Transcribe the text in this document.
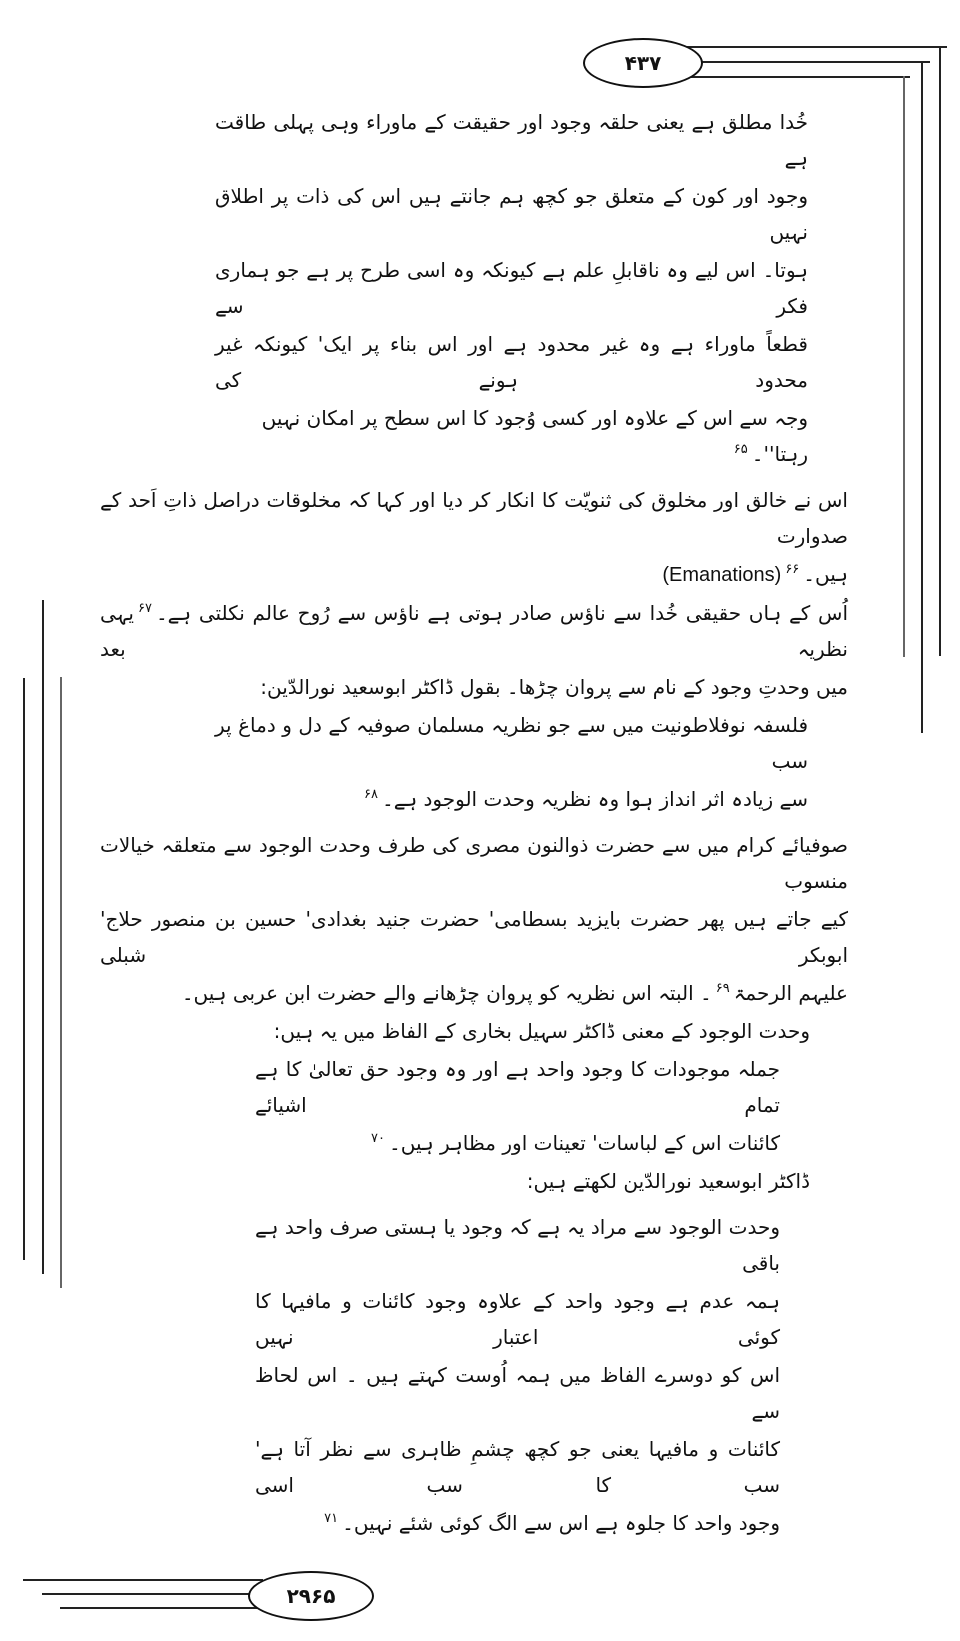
۴۳۷
خُدا مطلق ہے یعنی حلقہ وجود اور حقیقت کے ماوراء وہی پہلی طاقت ہے
وجود اور کون کے متعلق جو کچھ ہم جانتے ہیں اس کی ذات پر اطلاق نہیں
ہوتا۔ اس لیے وہ ناقابلِ علم ہے کیونکہ وہ اسی طرح پر ہے جو ہماری فکر سے
قطعاً ماوراء ہے وہ غیر محدود ہے اور اس بناء پر ایک' کیونکہ غیر محدود ہونے کی
وجہ سے اس کے علاوہ اور کسی وُجود کا اس سطح پر امکان نہیں رہتا''۔$^{۶۵}$
اس نے خالق اور مخلوق کی ثنویّت کا انکار کر دیا اور کہا کہ مخلوقات دراصل ذاتِ اَحد کے صدوارت
ہیں۔$^{۶۶}$(Emanations)
اُس کے ہاں حقیقی خُدا سے ناؤس صادر ہوتی ہے ناؤس سے رُوح عالم نکلتی ہے۔$^{۶۷}$یہی نظریہ بعد
میں وحدتِ وجود کے نام سے پروان چڑھا۔ بقول ڈاکٹر ابوسعید نورالدّین:
فلسفہ نوفلاطونیت میں سے جو نظریہ مسلمان صوفیہ کے دل و دماغ پر سب
سے زیادہ اثر انداز ہوا وہ نظریہ وحدت الوجود ہے۔$^{۶۸}$
صوفیائے کرام میں سے حضرت ذوالنون مصری کی طرف وحدت الوجود سے متعلقہ خیالات منسوب
کیے جاتے ہیں پھر حضرت بایزید بسطامی' حضرت جنید بغدادی' حسین بن منصور حلاج' ابوبکر شبلی
علیہم الرحمۃ$^{۶۹}$۔ البتہ اس نظریہ کو پروان چڑھانے والے حضرت ابن عربی ہیں۔
وحدت الوجود کے معنی ڈاکٹر سہیل بخاری کے الفاظ میں یہ ہیں:
جملہ موجودات کا وجود واحد ہے اور وہ وجود حق تعالیٰ کا ہے تمام اشیائے
کائنات اس کے لباسات' تعینات اور مظاہر ہیں۔$^{۷۰}$
ڈاکٹر ابوسعید نورالدّین لکھتے ہیں:
وحدت الوجود سے مراد یہ ہے کہ وجود یا ہستی صرف واحد ہے باقی
ہمہ عدم ہے وجود واحد کے علاوہ وجود کائنات و مافیہا کا کوئی اعتبار نہیں
اس کو دوسرے الفاظ میں ہمہ اُوست کہتے ہیں ۔ اس لحاظ سے
کائنات و مافیہا یعنی جو کچھ چشمِ ظاہری سے نظر آتا ہے' سب کا سب اسی
وجود واحد کا جلوہ ہے اس سے الگ کوئی شئے نہیں۔$^{۷۱}$
۲۹۶۵
